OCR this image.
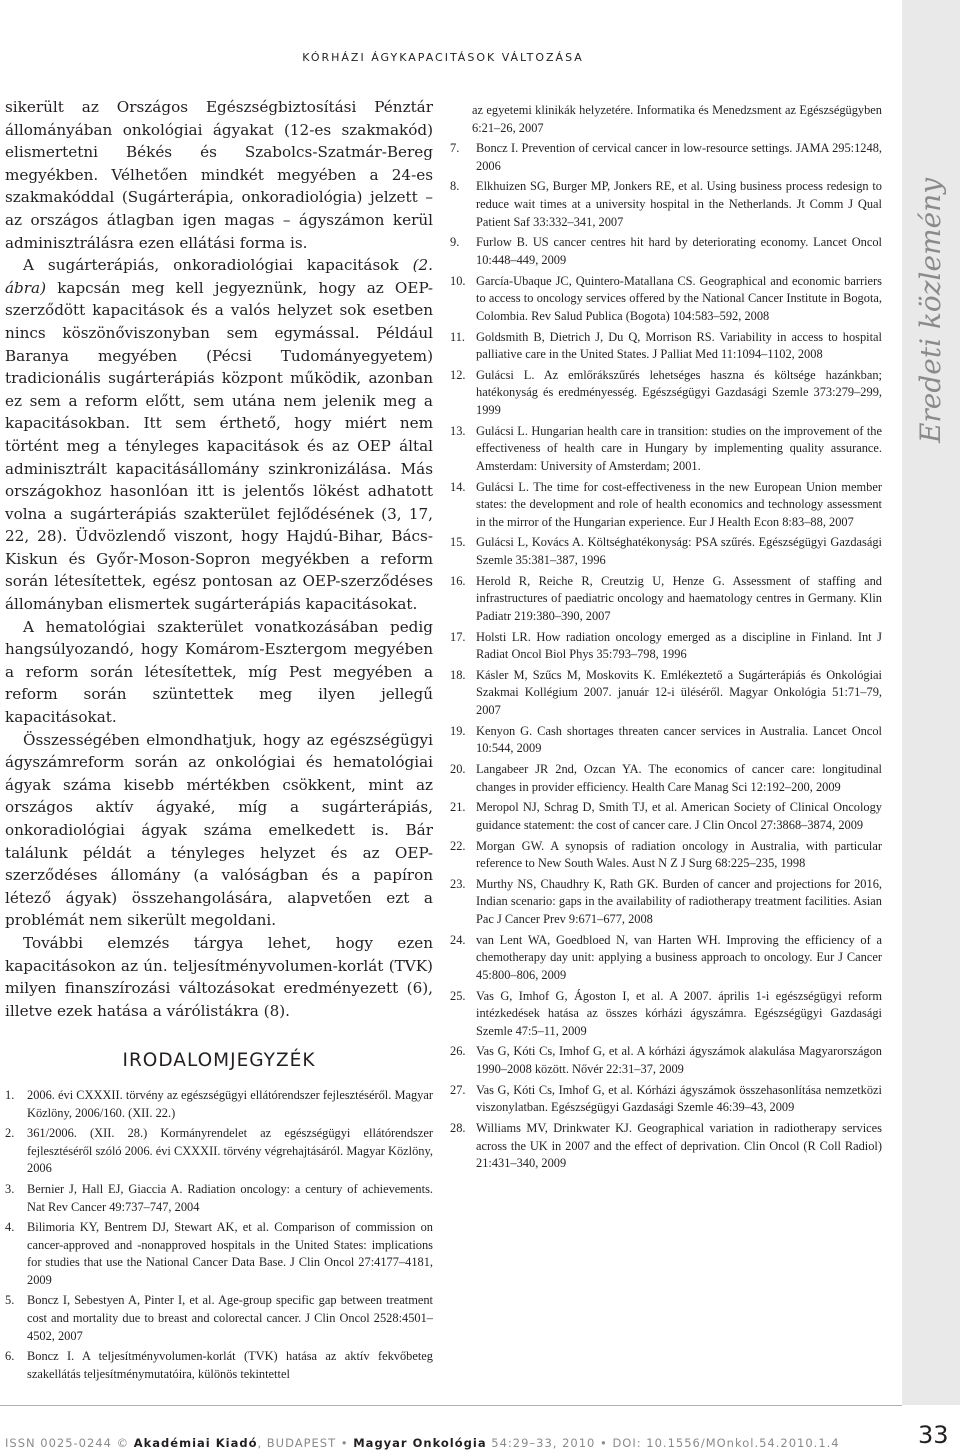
Eredeti közlemény
KÓRHÁZI ÁGYKAPACITÁSOK VÁLTOZÁSA

sikerült az Országos Egészségbiztosítási Pénztár állományában onkológiai ágyakat (12-es szakmakód) elismertetni Békés és Szabolcs-Szatmár-Bereg megyékben. Vélhetően mindkét megyében a 24-es szakmakóddal (Sugárterápia, onkoradiológia) jelzett – az országos átlagban igen magas – ágyszámon kerül adminisztrálásra ezen ellátási forma is.

A sugárterápiás, onkoradiológiai kapacitások (2. ábra) kapcsán meg kell jegyeznünk, hogy az OEP-szerződött kapacitások és a valós helyzet sok esetben nincs köszönőviszonyban sem egymással. Például Baranya megyében (Pécsi Tudományegyetem) tradicionális sugárterápiás központ működik, azonban ez sem a reform előtt, sem utána nem jelenik meg a kapacitásokban. Itt sem érthető, hogy miért nem történt meg a tényleges kapacitások és az OEP által adminisztrált kapacitásállomány szinkronizálása. Más országokhoz hasonlóan itt is jelentős lökést adhatott volna a sugárterápiás szakterület fejlődésének (3, 17, 22, 28). Üdvözlendő viszont, hogy Hajdú-Bihar, Bács-Kiskun és Győr-Moson-Sopron megyékben a reform során létesítettek, egész pontosan az OEP-szerződéses állományban elismertek sugárterápiás kapacitásokat.

A hematológiai szakterület vonatkozásában pedig hangsúlyozandó, hogy Komárom-Esztergom megyében a reform során létesítettek, míg Pest megyében a reform során szüntettek meg ilyen jellegű kapacitásokat.

Összességében elmondhatjuk, hogy az egészségügyi ágyszámreform során az onkológiai és hematológiai ágyak száma kisebb mértékben csökkent, mint az országos aktív ágyaké, míg a sugárterápiás, onkoradiológiai ágyak száma emelkedett is. Bár találunk példát a tényleges helyzet és az OEP-szerződéses állomány (a valóságban és a papíron létező ágyak) összehangolására, alapvetően ezt a problémát nem sikerült megoldani.

További elemzés tárgya lehet, hogy ezen kapacitásokon az ún. teljesítményvolumen-korlát (TVK) milyen finanszírozási változásokat eredményezett (6), illetve ezek hatása a várólistákra (8).

IRODALOMJEGYZÉK
1.	2006. évi CXXXII. törvény az egészségügyi ellátórendszer fejlesztéséről. Magyar Közlöny, 2006/160. (XII. 22.)
2.	361/2006. (XII. 28.) Kormányrendelet az egészségügyi ellátórendszer fejlesztéséről szóló 2006. évi CXXXII. törvény végrehajtásáról. Magyar Közlöny, 2006
3.	Bernier J, Hall EJ, Giaccia A. Radiation oncology: a century of achievements. Nat Rev Cancer 49:737–747, 2004
4.	Bilimoria KY, Bentrem DJ, Stewart AK, et al. Comparison of commission on cancer-approved and -nonapproved hospitals in the United States: implications for studies that use the National Cancer Data Base. J Clin Oncol 27:4177–4181, 2009
5.	Boncz I, Sebestyen A, Pinter I, et al. Age-group specific gap between treatment cost and mortality due to breast and colorectal cancer. J Clin Oncol 2528:4501–4502, 2007
6.	Boncz I. A teljesítményvolumen-korlát (TVK) hatása az aktív fekvőbeteg szakellátás teljesítménymutatóira, különös tekintettel
az egyetemi klinikák helyzetére. Informatika és Menedzsment az Egészségügyben 6:21–26, 2007
7.	Boncz I. Prevention of cervical cancer in low-resource settings. JAMA 295:1248, 2006
8.	Elkhuizen SG, Burger MP, Jonkers RE, et al. Using business process redesign to reduce wait times at a university hospital in the Netherlands. Jt Comm J Qual Patient Saf 33:332–341, 2007
9.	Furlow B. US cancer centres hit hard by deteriorating economy. Lancet Oncol 10:448–449, 2009
10. García-Ubaque JC, Quintero-Matallana CS. Geographical and economic barriers to access to oncology services offered by the National Cancer Institute in Bogota, Colombia. Rev Salud Publica (Bogota) 104:583–592, 2008
11. Goldsmith B, Dietrich J, Du Q, Morrison RS. Variability in access to hospital palliative care in the United States. J Palliat Med 11:1094–1102, 2008
12. Gulácsi L. Az emlőrákszűrés lehetséges haszna és költsége hazánkban; hatékonyság és eredményesség. Egészségügyi Gazdasági Szemle 373:279–299, 1999
13. Gulácsi L. Hungarian health care in transition: studies on the improvement of the effectiveness of health care in Hungary by implementing quality assurance. Amsterdam: University of Amsterdam; 2001.
14. Gulácsi L. The time for cost-effectiveness in the new European Union member states: the development and role of health economics and technology assessment in the mirror of the Hungarian experience. Eur J Health Econ 8:83–88, 2007
15. Gulácsi L, Kovács A. Költséghatékonyság: PSA szűrés. Egészségügyi Gazdasági Szemle 35:381–387, 1996
16. Herold R, Reiche R, Creutzig U, Henze G. Assessment of staffing and infrastructures of paediatric oncology and haematology centres in Germany. Klin Padiatr 219:380–390, 2007
17. Holsti LR. How radiation oncology emerged as a discipline in Finland. Int J Radiat Oncol Biol Phys 35:793–798, 1996
18. Kásler M, Szűcs M, Moskovits K. Emlékeztető a Sugárterápiás és Onkológiai Szakmai Kollégium 2007. január 12-i üléséről. Magyar Onkológia 51:71–79, 2007
19. Kenyon G. Cash shortages threaten cancer services in Australia. Lancet Oncol 10:544, 2009
20. Langabeer JR 2nd, Ozcan YA. The economics of cancer care: longitudinal changes in provider efficiency. Health Care Manag Sci 12:192–200, 2009
21. Meropol NJ, Schrag D, Smith TJ, et al. American Society of Clinical Oncology guidance statement: the cost of cancer care. J Clin Oncol 27:3868–3874, 2009
22. Morgan GW. A synopsis of radiation oncology in Australia, with particular reference to New South Wales. Aust N Z J Surg 68:225–235, 1998
23. Murthy NS, Chaudhry K, Rath GK. Burden of cancer and projections for 2016, Indian scenario: gaps in the availability of radiotherapy treatment facilities. Asian Pac J Cancer Prev 9:671–677, 2008
24. van Lent WA, Goedbloed N, van Harten WH. Improving the efficiency of a chemotherapy day unit: applying a business approach to oncology. Eur J Cancer 45:800–806, 2009
25. Vas G, Imhof G, Ágoston I, et al. A 2007. április 1-i egészségügyi reform intézkedések hatása az összes kórházi ágyszámra. Egészségügyi Gazdasági Szemle 47:5–11, 2009
26. Vas G, Kóti Cs, Imhof G, et al. A kórházi ágyszámok alakulása Magyarországon 1990–2008 között. Nővér 22:31–37, 2009
27. Vas G, Kóti Cs, Imhof G, et al. Kórházi ágyszámok összehasonlítása nemzetközi viszonylatban. Egészségügyi Gazdasági Szemle 46:39–43, 2009
28. Williams MV, Drinkwater KJ. Geographical variation in radiotherapy services across the UK in 2007 and the effect of deprivation. Clin Oncol (R Coll Radiol) 21:431–340, 2009
ISSN 0025-0244 © Akadémiai Kiadó, BUDAPEST • Magyar Onkológia 54:29–33, 2010 • DOI: 10.1556/MOnkol.54.2010.1.4	33
